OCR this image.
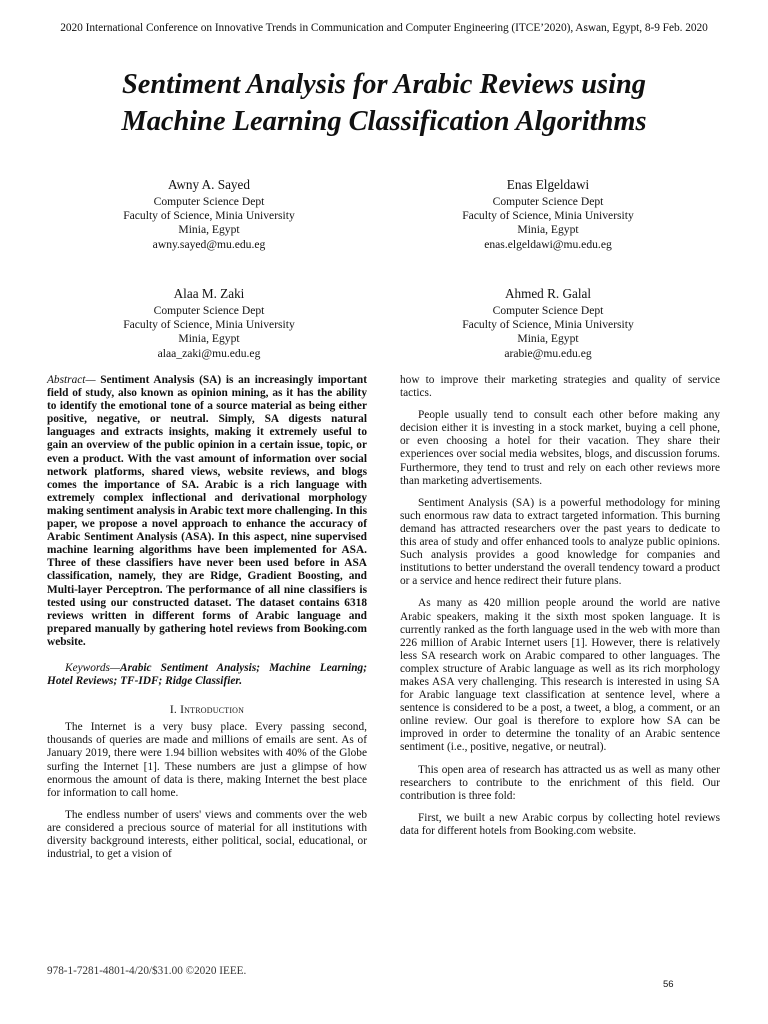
2020 International Conference on Innovative Trends in Communication and Computer Engineering (ITCE’2020), Aswan, Egypt, 8-9 Feb. 2020
Sentiment Analysis for Arabic Reviews using
Machine Learning Classification Algorithms
Awny A. Sayed
Computer Science Dept
Faculty of Science, Minia University
Minia, Egypt
awny.sayed@mu.edu.eg
Enas Elgeldawi
Computer Science Dept
Faculty of Science, Minia University
Minia, Egypt
enas.elgeldawi@mu.edu.eg
Alaa M. Zaki
Computer Science Dept
Faculty of Science, Minia University
Minia, Egypt
alaa_zaki@mu.edu.eg
Ahmed R. Galal
Computer Science Dept
Faculty of Science, Minia University
Minia, Egypt
arabie@mu.edu.eg

Abstract— Sentiment Analysis (SA) is an increasingly important field of study, also known as opinion mining, as it has the ability to identify the emotional tone of a source material as being either positive, negative, or neutral. Simply, SA digests natural languages and extracts insights, making it extremely useful to gain an overview of the public opinion in a certain issue, topic, or even a product. With the vast amount of information over social network platforms, shared views, website reviews, and blogs comes the importance of SA. Arabic is a rich language with extremely complex inflectional and derivational morphology making sentiment analysis in Arabic text more challenging. In this paper, we propose a novel approach to enhance the accuracy of Arabic Sentiment Analysis (ASA). In this aspect, nine supervised machine learning algorithms have been implemented for ASA. Three of these classifiers have never been used before in ASA classification, namely, they are Ridge, Gradient Boosting, and Multi-layer Perceptron. The performance of all nine classifiers is tested using our constructed dataset. The dataset contains 6318 reviews written in different forms of Arabic language and prepared manually by gathering hotel reviews from Booking.com website.

Keywords—Arabic Sentiment Analysis; Machine Learning; Hotel Reviews; TF-IDF; Ridge Classifier.

I. Introduction

The Internet is a very busy place. Every passing second, thousands of queries are made and millions of emails are sent. As of January 2019, there were 1.94 billion websites with 40% of the Globe surfing the Internet [1]. These numbers are just a glimpse of how enormous the amount of data is there, making Internet the best place for information to call home.

The endless number of users' views and comments over the web are considered a precious source of material for all institutions with diversity background interests, either political, social, educational, or industrial, to get a vision of

how to improve their marketing strategies and quality of service tactics.

People usually tend to consult each other before making any decision either it is investing in a stock market, buying a cell phone, or even choosing a hotel for their vacation. They share their experiences over social media websites, blogs, and discussion forums. Furthermore, they tend to trust and rely on each other reviews more than marketing advertisements.

Sentiment Analysis (SA) is a powerful methodology for mining such enormous raw data to extract targeted information. This burning demand has attracted researchers over the past years to dedicate to this area of study and offer enhanced tools to analyze public opinions. Such analysis provides a good knowledge for companies and institutions to better understand the overall tendency toward a product or a service and hence redirect their future plans.

As many as 420 million people around the world are native Arabic speakers, making it the sixth most spoken language. It is currently ranked as the forth language used in the web with more than 226 million of Arabic Internet users [1]. However, there is relatively less SA research work on Arabic compared to other languages. The complex structure of Arabic language as well as its rich morphology makes ASA very challenging. This research is interested in using SA for Arabic language text classification at sentence level, where a sentence is considered to be a post, a tweet, a blog, a comment, or an online review. Our goal is therefore to explore how SA can be improved in order to determine the tonality of an Arabic sentence sentiment (i.e., positive, negative, or neutral).

This open area of research has attracted us as well as many other researchers to contribute to the enrichment of this field. Our contribution is three fold:

First, we built a new Arabic corpus by collecting hotel reviews data for different hotels from Booking.com website.

978-1-7281-4801-4/20/$31.00 ©2020 IEEE.
56
